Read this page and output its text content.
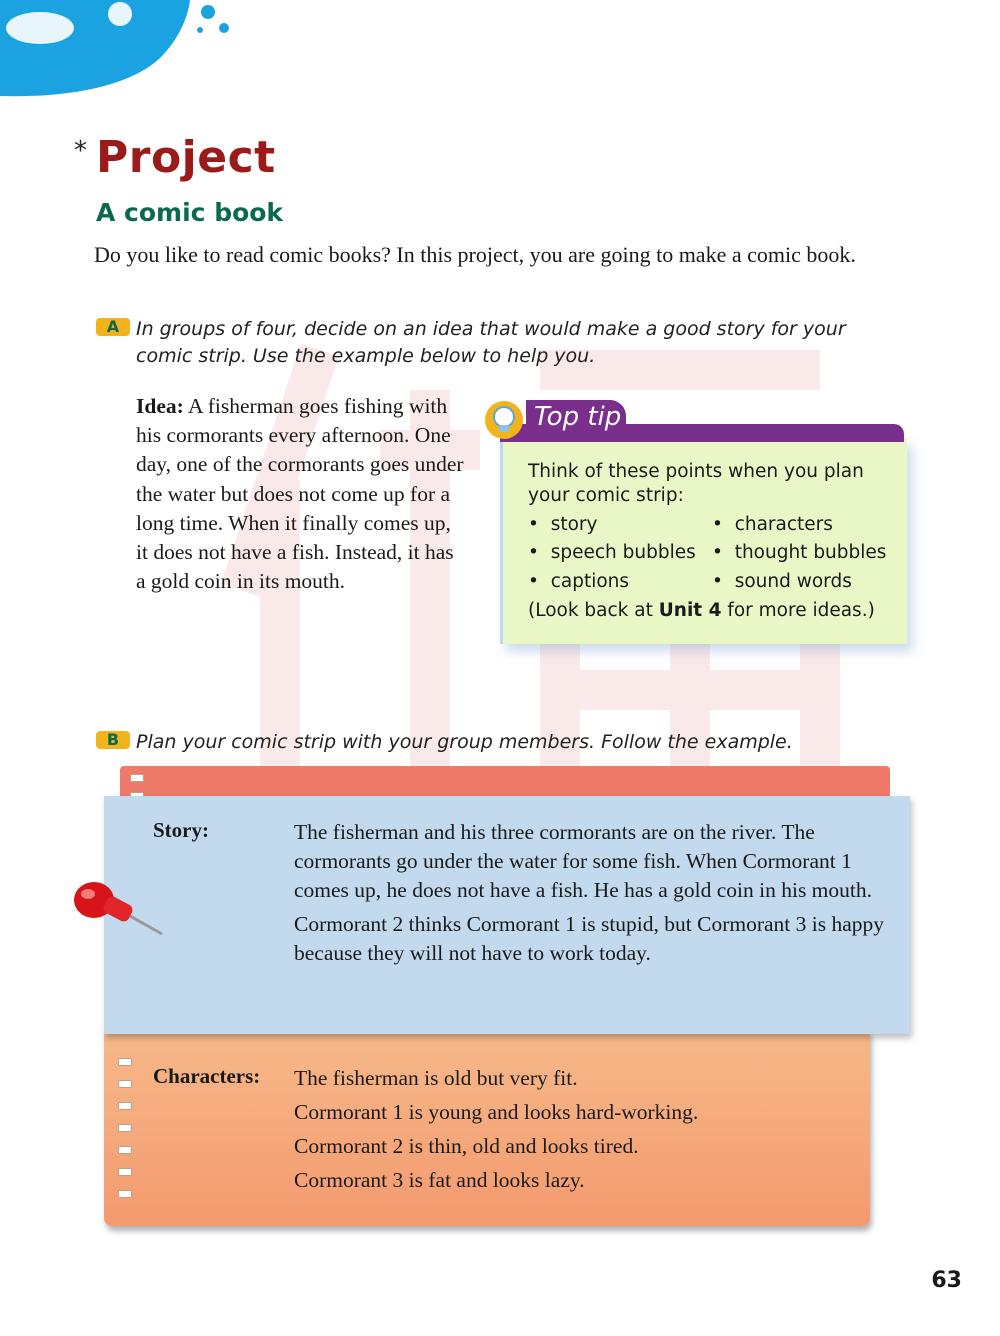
* Project
A comic book
Do you like to read comic books? In this project, you are going to make a comic book.
A In groups of four, decide on an idea that would make a good story for your comic strip. Use the example below to help you.
Idea: A fisherman goes fishing with his cormorants every afternoon. One day, one of the cormorants goes under the water but does not come up for a long time. When it finally comes up, it does not have a fish. Instead, it has a gold coin in its mouth.
Top tip
Think of these points when you plan your comic strip:
•  story	•  characters
•  speech bubbles •  thought bubbles
•  captions	•  sound words
(Look back at Unit 4 for more ideas.)
B Plan your comic strip with your group members. Follow the example.
Story:	The fisherman and his three cormorants are on the river. The cormorants go under the water for some fish. When Cormorant 1 comes up, he does not have a fish. He has a gold coin in his mouth.
Cormorant 2 thinks Cormorant 1 is stupid, but Cormorant 3 is happy because they will not have to work today.
Characters: The fisherman is old but very fit.
Cormorant 1 is young and looks hard-working.
Cormorant 2 is thin, old and looks tired.
Cormorant 3 is fat and looks lazy.
63
